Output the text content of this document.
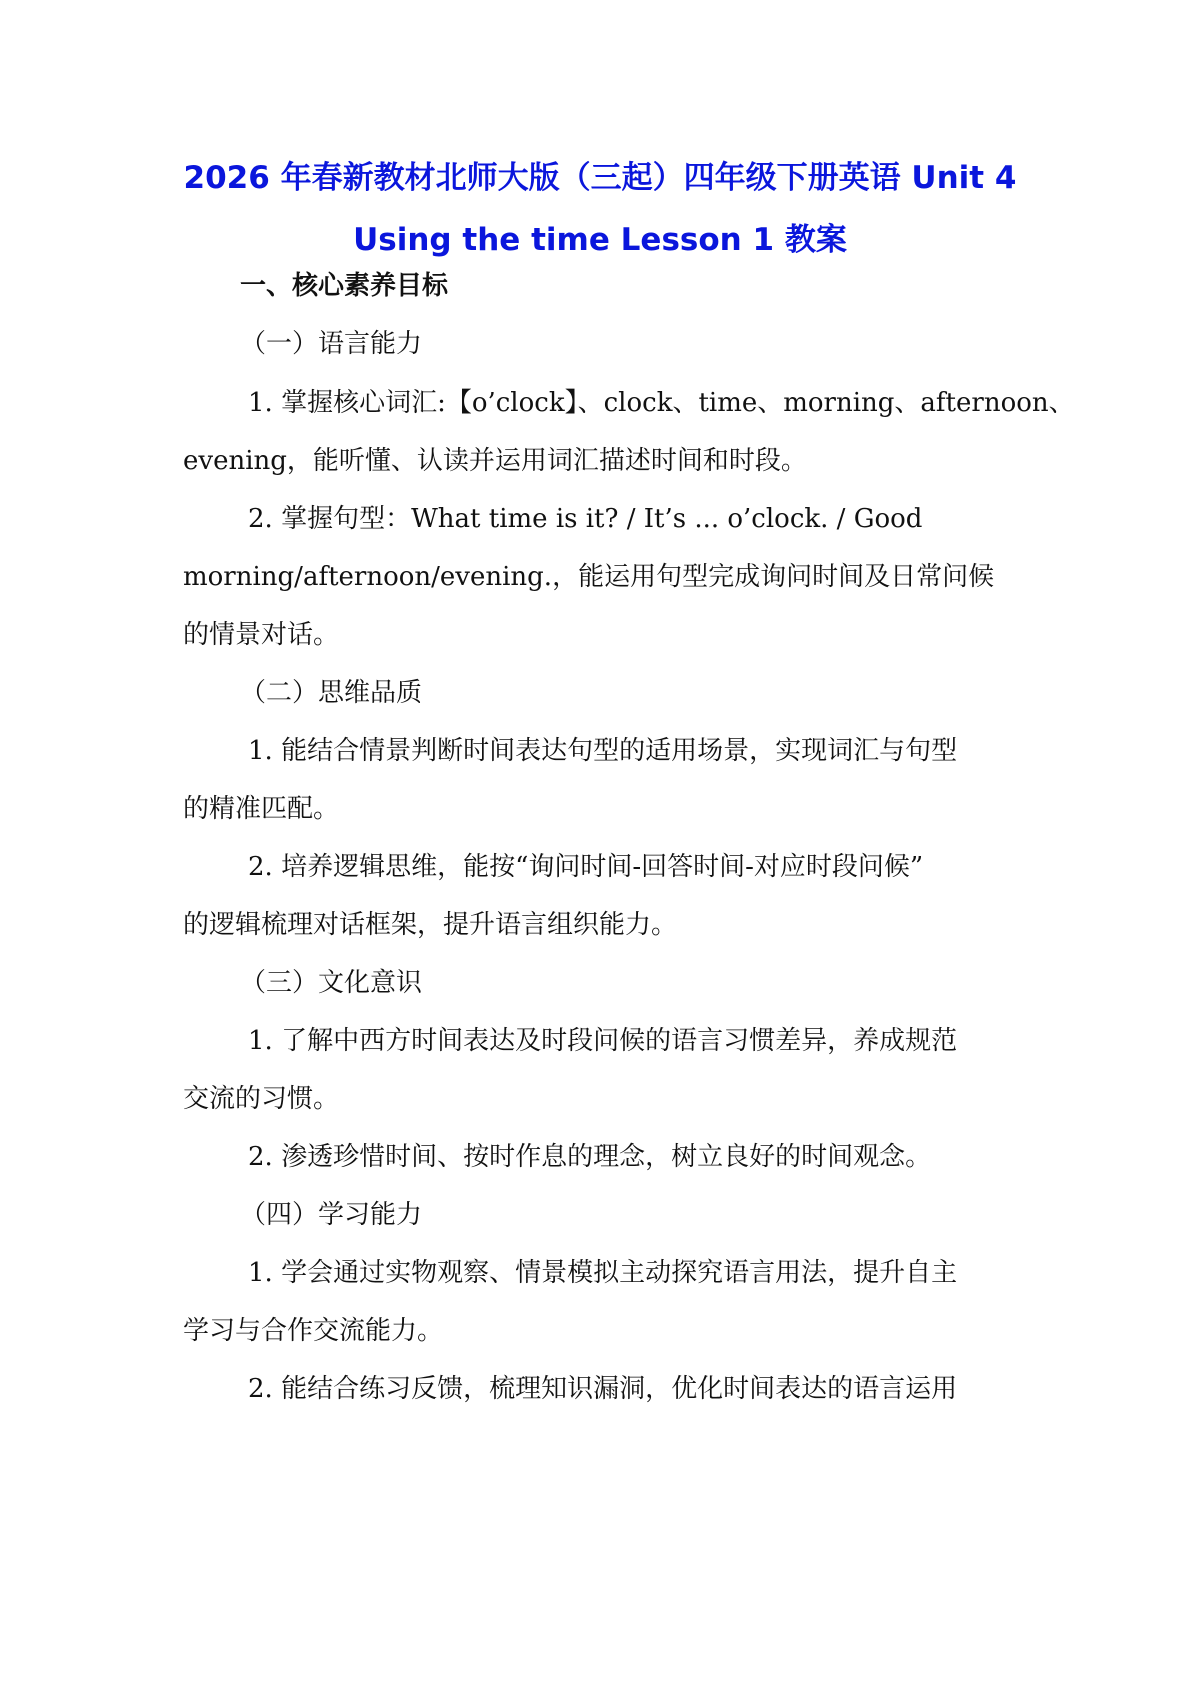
2026 年春新教材北师大版（三起）四年级下册英语 Unit 4
Using the time Lesson 1 教案
一、核心素养目标
（一）语言能力
1. 掌握核心词汇:【o’clock】、clock、time、morning、afternoon、
evening，能听懂、认读并运用词汇描述时间和时段。
2. 掌握句型：What time is it? / It’s ... o’clock. / Good
morning/afternoon/evening.，能运用句型完成询问时间及日常问候
的情景对话。
（二）思维品质
1. 能结合情景判断时间表达句型的适用场景，实现词汇与句型
的精准匹配。
2. 培养逻辑思维，能按“询问时间-回答时间-对应时段问候”
的逻辑梳理对话框架，提升语言组织能力。
（三）文化意识
1. 了解中西方时间表达及时段问候的语言习惯差异，养成规范
交流的习惯。
2. 渗透珍惜时间、按时作息的理念，树立良好的时间观念。
（四）学习能力
1. 学会通过实物观察、情景模拟主动探究语言用法，提升自主
学习与合作交流能力。
2. 能结合练习反馈，梳理知识漏洞，优化时间表达的语言运用
